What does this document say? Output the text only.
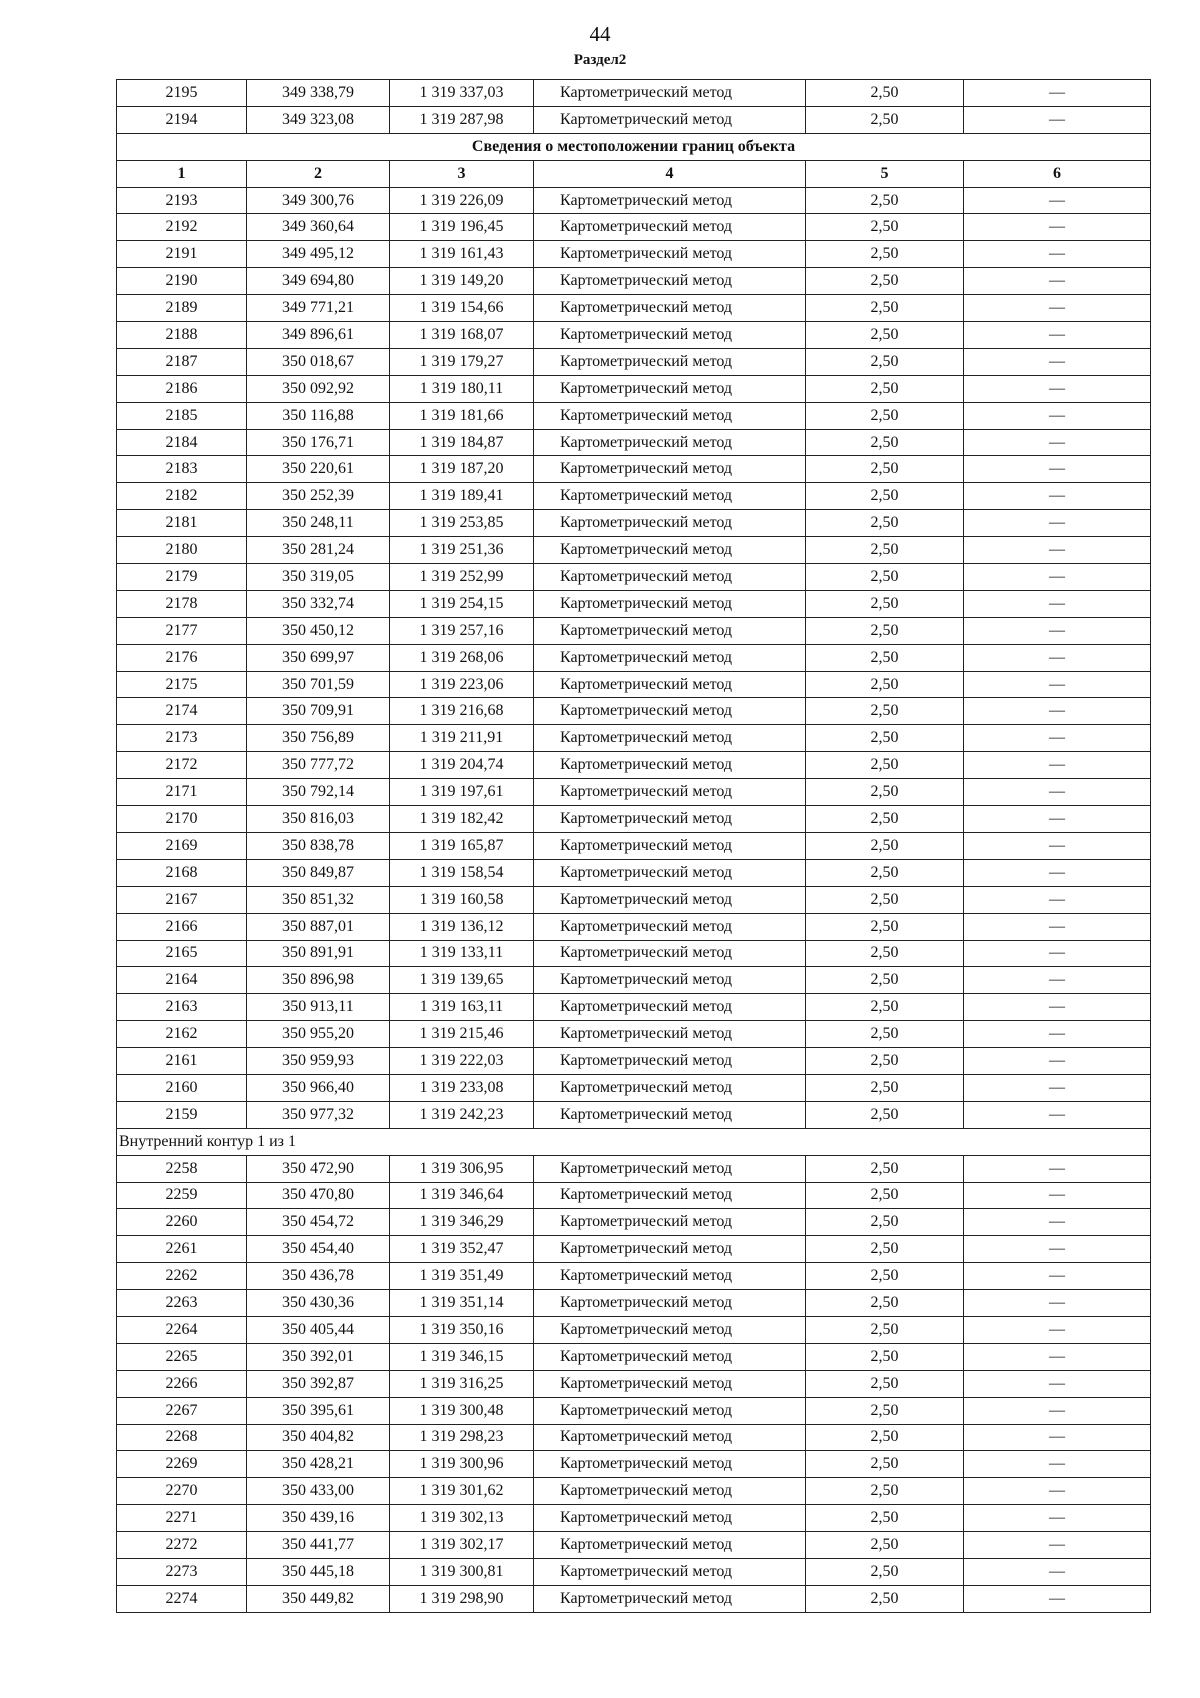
44
Раздел2
2195	349 338,79	1 319 337,03	Картометрический метод	2,50	—
2194	349 323,08	1 319 287,98	Картометрический метод	2,50	—
Сведения о местоположении границ объекта					
1	2	3	4	5	6
2193	349 300,76	1 319 226,09	Картометрический метод	2,50	—
2192	349 360,64	1 319 196,45	Картометрический метод	2,50	—
2191	349 495,12	1 319 161,43	Картометрический метод	2,50	—
2190	349 694,80	1 319 149,20	Картометрический метод	2,50	—
2189	349 771,21	1 319 154,66	Картометрический метод	2,50	—
2188	349 896,61	1 319 168,07	Картометрический метод	2,50	—
2187	350 018,67	1 319 179,27	Картометрический метод	2,50	—
2186	350 092,92	1 319 180,11	Картометрический метод	2,50	—
2185	350 116,88	1 319 181,66	Картометрический метод	2,50	—
2184	350 176,71	1 319 184,87	Картометрический метод	2,50	—
2183	350 220,61	1 319 187,20	Картометрический метод	2,50	—
2182	350 252,39	1 319 189,41	Картометрический метод	2,50	—
2181	350 248,11	1 319 253,85	Картометрический метод	2,50	—
2180	350 281,24	1 319 251,36	Картометрический метод	2,50	—
2179	350 319,05	1 319 252,99	Картометрический метод	2,50	—
2178	350 332,74	1 319 254,15	Картометрический метод	2,50	—
2177	350 450,12	1 319 257,16	Картометрический метод	2,50	—
2176	350 699,97	1 319 268,06	Картометрический метод	2,50	—
2175	350 701,59	1 319 223,06	Картометрический метод	2,50	—
2174	350 709,91	1 319 216,68	Картометрический метод	2,50	—
2173	350 756,89	1 319 211,91	Картометрический метод	2,50	—
2172	350 777,72	1 319 204,74	Картометрический метод	2,50	—
2171	350 792,14	1 319 197,61	Картометрический метод	2,50	—
2170	350 816,03	1 319 182,42	Картометрический метод	2,50	—
2169	350 838,78	1 319 165,87	Картометрический метод	2,50	—
2168	350 849,87	1 319 158,54	Картометрический метод	2,50	—
2167	350 851,32	1 319 160,58	Картометрический метод	2,50	—
2166	350 887,01	1 319 136,12	Картометрический метод	2,50	—
2165	350 891,91	1 319 133,11	Картометрический метод	2,50	—
2164	350 896,98	1 319 139,65	Картометрический метод	2,50	—
2163	350 913,11	1 319 163,11	Картометрический метод	2,50	—
2162	350 955,20	1 319 215,46	Картометрический метод	2,50	—
2161	350 959,93	1 319 222,03	Картометрический метод	2,50	—
2160	350 966,40	1 319 233,08	Картометрический метод	2,50	—
2159	350 977,32	1 319 242,23	Картометрический метод	2,50	—
Внутренний контур 1 из 1					
2258	350 472,90	1 319 306,95	Картометрический метод	2,50	—
2259	350 470,80	1 319 346,64	Картометрический метод	2,50	—
2260	350 454,72	1 319 346,29	Картометрический метод	2,50	—
2261	350 454,40	1 319 352,47	Картометрический метод	2,50	—
2262	350 436,78	1 319 351,49	Картометрический метод	2,50	—
2263	350 430,36	1 319 351,14	Картометрический метод	2,50	—
2264	350 405,44	1 319 350,16	Картометрический метод	2,50	—
2265	350 392,01	1 319 346,15	Картометрический метод	2,50	—
2266	350 392,87	1 319 316,25	Картометрический метод	2,50	—
2267	350 395,61	1 319 300,48	Картометрический метод	2,50	—
2268	350 404,82	1 319 298,23	Картометрический метод	2,50	—
2269	350 428,21	1 319 300,96	Картометрический метод	2,50	—
2270	350 433,00	1 319 301,62	Картометрический метод	2,50	—
2271	350 439,16	1 319 302,13	Картометрический метод	2,50	—
2272	350 441,77	1 319 302,17	Картометрический метод	2,50	—
2273	350 445,18	1 319 300,81	Картометрический метод	2,50	—
2274	350 449,82	1 319 298,90	Картометрический метод	2,50	—
